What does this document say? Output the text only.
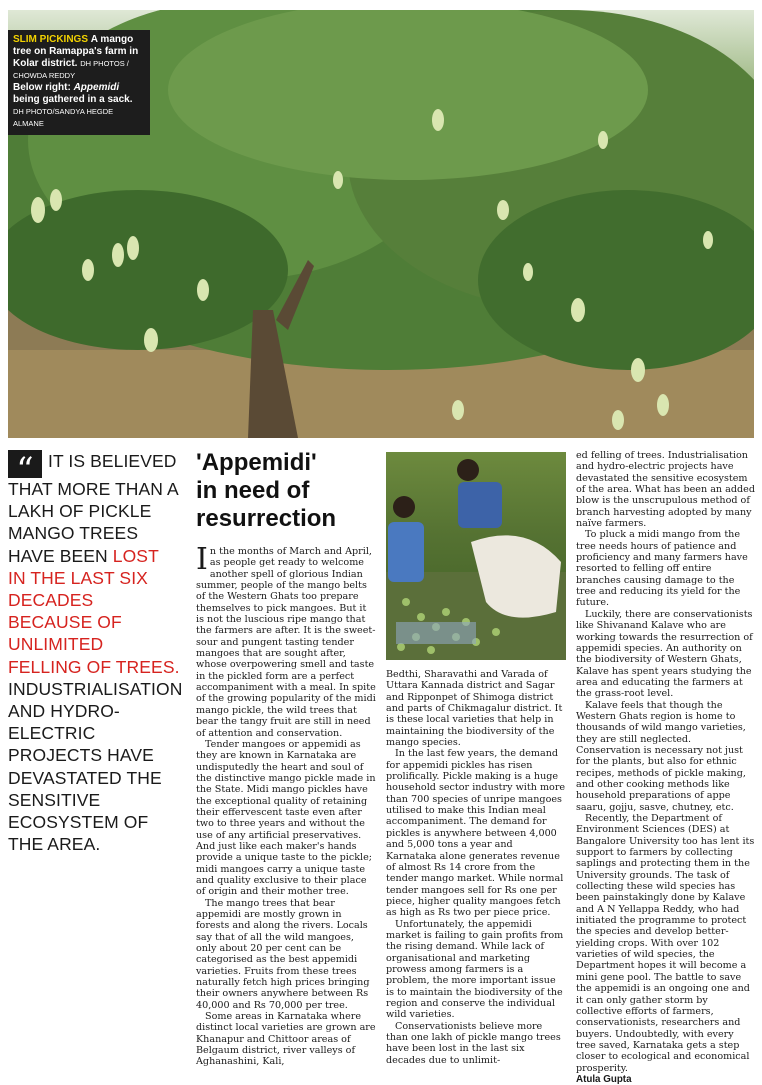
SLIM PICKINGS A mango tree on Ramappa's farm in Kolar district. DH PHOTOS / CHOWDA REDDY
Below right: Appemidi being gathered in a sack.
DH PHOTO/SANDYA HEGDE ALMANE
“ IT IS BELIEVED THAT MORE THAN A LAKH OF PICKLE MANGO TREES HAVE BEEN LOST IN THE LAST SIX DECADES BECAUSE OF UNLIMITED FELLING OF TREES. INDUSTRIALISATION AND HYDRO-ELECTRIC PROJECTS HAVE DEVASTATED THE SENSITIVE ECOSYSTEM OF THE AREA.
'Appemidi'
in need of
resurrection

In the months of March and April, as people get ready to welcome another spell of glorious Indian summer, people of the mango belts of the Western Ghats too prepare themselves to pick mangoes. But it is not the luscious ripe mango that the farmers are after. It is the sweet-sour and pungent tasting tender mangoes that are sought after, whose overpowering smell and taste in the pickled form are a perfect accompaniment with a meal. In spite of the growing popularity of the midi mango pickle, the wild trees that bear the tangy fruit are still in need of attention and conservation.

Tender mangoes or appemidi as they are known in Karnataka are undisputedly the heart and soul of the distinctive mango pickle made in the State. Midi mango pickles have the exceptional quality of retaining their effervescent taste even after two to three years and without the use of any artificial preservatives. And just like each maker's hands provide a unique taste to the pickle; midi mangoes carry a unique taste and quality exclusive to their place of origin and their mother tree.

The mango trees that bear appemidi are mostly grown in forests and along the rivers. Locals say that of all the wild mangoes, only about 20 per cent can be categorised as the best appemidi varieties. Fruits from these trees naturally fetch high prices bringing their owners anywhere between Rs 40,000 and Rs 70,000 per tree.

Some areas in Karnataka where distinct local varieties are grown are Khanapur and Chittoor areas of Belgaum district, river valleys of Aghanashini, Kali,

Bedthi, Sharavathi and Varada of Uttara Kannada district and Sagar and Ripponpet of Shimoga district and parts of Chikmagalur district. It is these local varieties that help in maintaining the biodiversity of the mango species.

In the last few years, the demand for appemidi pickles has risen prolifically. Pickle making is a huge household sector industry with more than 700 species of unripe mangoes utilised to make this Indian meal accompaniment. The demand for pickles is anywhere between 4,000 and 5,000 tons a year and Karnataka alone generates revenue of almost Rs 14 crore from the tender mango market. While normal tender mangoes sell for Rs one per piece, higher quality mangoes fetch as high as Rs two per piece price.

Unfortunately, the appemidi market is failing to gain profits from the rising demand. While lack of organisational and marketing prowess among farmers is a problem, the more important issue is to maintain the biodiversity of the region and conserve the individual wild varieties.

Conservationists believe more than one lakh of pickle mango trees have been lost in the last six decades due to unlimit-

ed felling of trees. Industrialisation and hydro-electric projects have devastated the sensitive ecosystem of the area. What has been an added blow is the unscrupulous method of branch harvesting adopted by many naïve farmers.

To pluck a midi mango from the tree needs hours of patience and proficiency and many farmers have resorted to felling off entire branches causing damage to the tree and reducing its yield for the future.

Luckily, there are conservationists like Shivanand Kalave who are working towards the resurrection of appemidi species. An authority on the biodiversity of Western Ghats, Kalave has spent years studying the area and educating the farmers at the grass-root level.

Kalave feels that though the Western Ghats region is home to thousands of wild mango varieties, they are still neglected. Conservation is necessary not just for the plants, but also for ethnic recipes, methods of pickle making, and other cooking methods like household preparations of appe saaru, gojju, sasve, chutney, etc.

Recently, the Department of Environment Sciences (DES) at Bangalore University too has lent its support to farmers by collecting saplings and protecting them in the University grounds. The task of collecting these wild species has been painstakingly done by Kalave and A N Yellappa Reddy, who had initiated the programme to protect the species and develop better-yielding crops. With over 102 varieties of wild species, the Department hopes it will become a mini gene pool. The battle to save the appemidi is an ongoing one and it can only gather storm by collective efforts of farmers, conservationists, researchers and buyers. Undoubtedly, with every tree saved, Karnataka gets a step closer to ecological and economical prosperity.

Atula Gupta
